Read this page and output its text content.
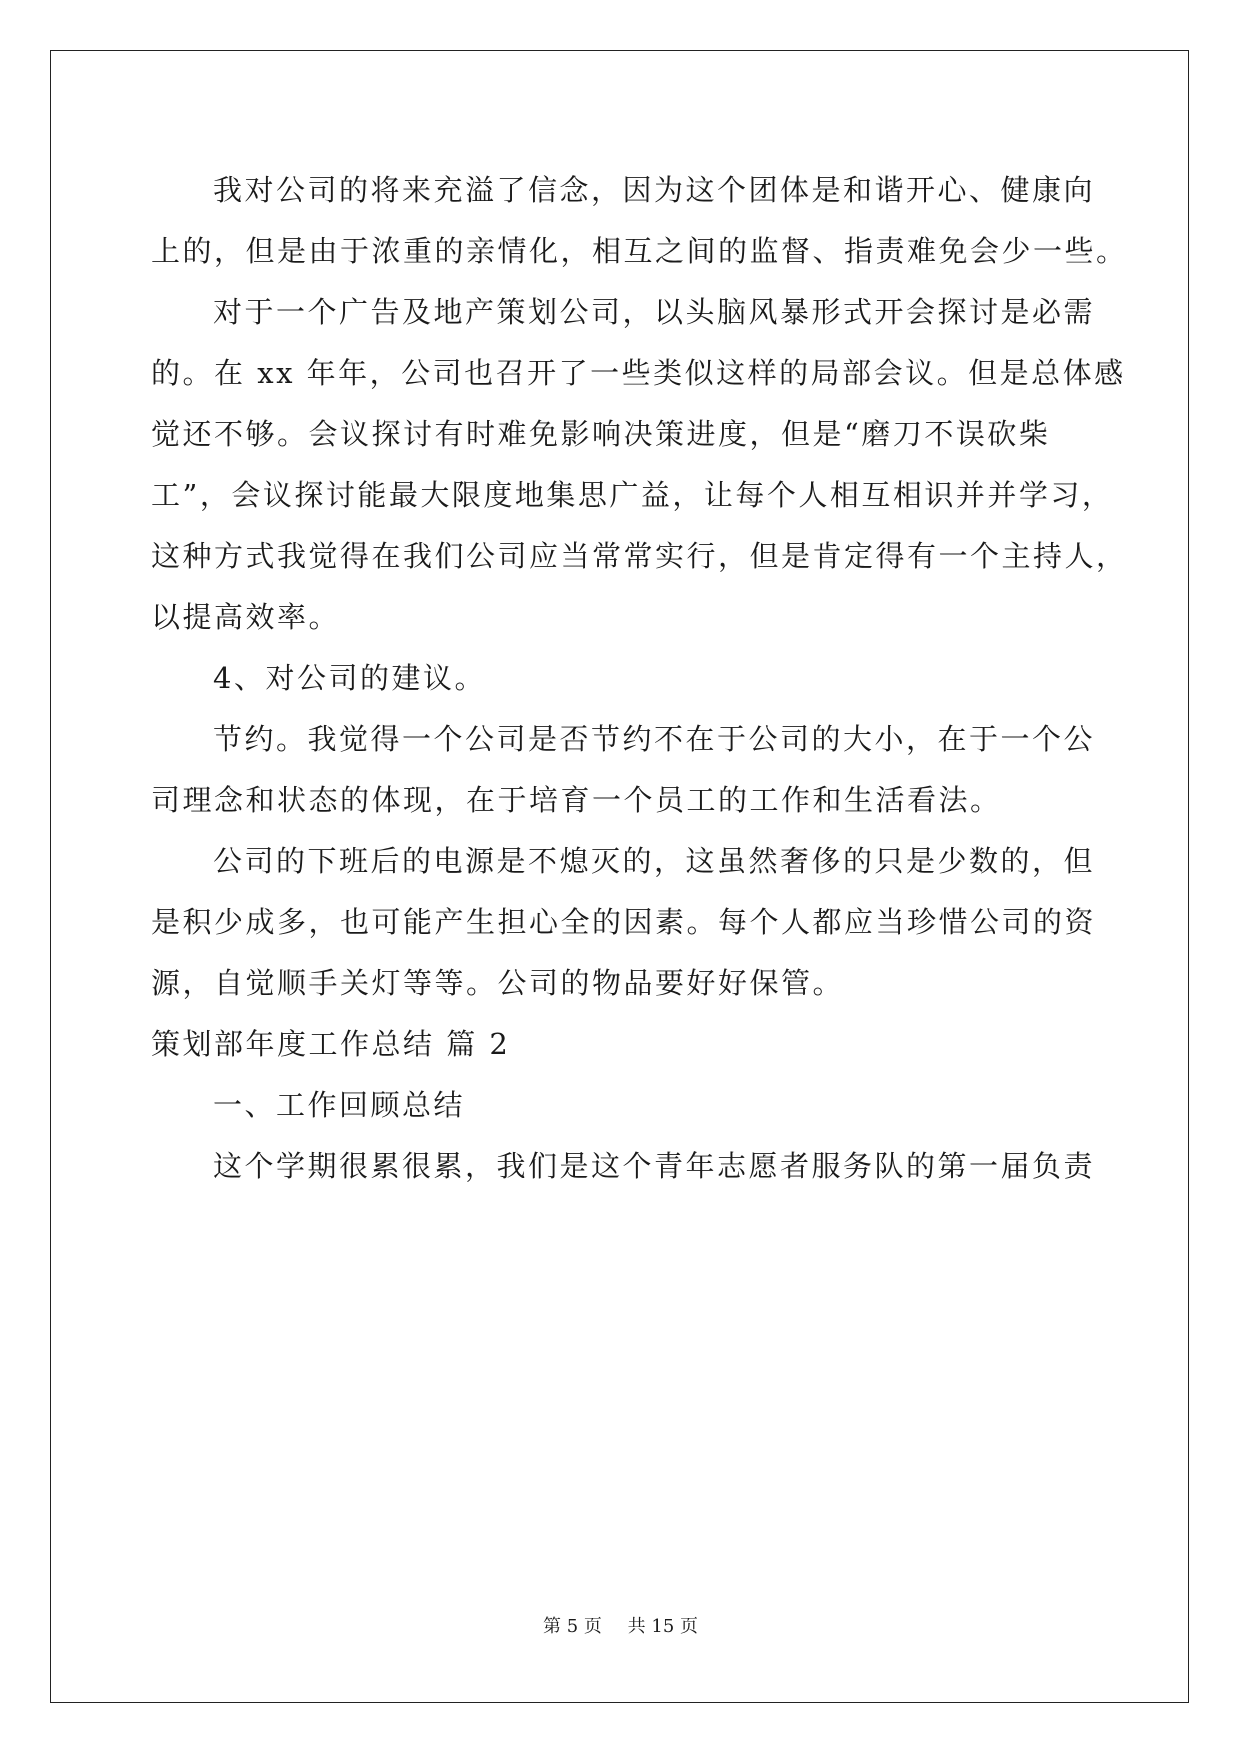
我对公司的将来充溢了信念，因为这个团体是和谐开心、健康向
上的，但是由于浓重的亲情化，相互之间的监督、指责难免会少一些。
对于一个广告及地产策划公司，以头脑风暴形式开会探讨是必需
的。在 xx 年年，公司也召开了一些类似这样的局部会议。但是总体感
觉还不够。会议探讨有时难免影响决策进度，但是“磨刀不误砍柴
工”，会议探讨能最大限度地集思广益，让每个人相互相识并并学习，
这种方式我觉得在我们公司应当常常实行，但是肯定得有一个主持人，
以提高效率。
4、对公司的建议。
节约。我觉得一个公司是否节约不在于公司的大小，在于一个公
司理念和状态的体现，在于培育一个员工的工作和生活看法。
公司的下班后的电源是不熄灭的，这虽然奢侈的只是少数的，但
是积少成多，也可能产生担心全的因素。每个人都应当珍惜公司的资
源，自觉顺手关灯等等。公司的物品要好好保管。
策划部年度工作总结 篇 2
一、工作回顾总结
这个学期很累很累，我们是这个青年志愿者服务队的第一届负责
第 5 页 共 15 页
